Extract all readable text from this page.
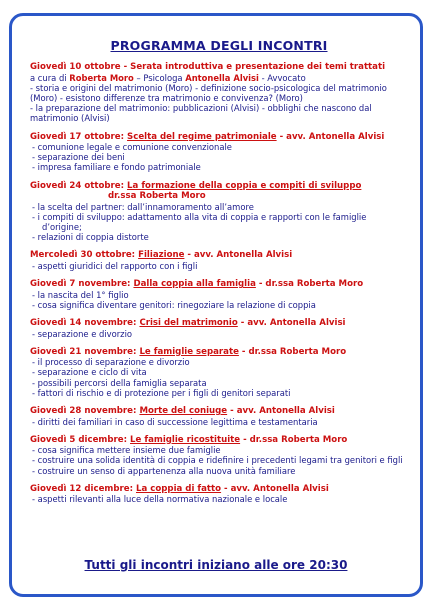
PROGRAMMA DEGLI INCONTRI
Giovedì 10 ottobre - Serata introduttiva e presentazione dei temi trattati
a cura di Roberta Moro – Psicologa Antonella Alvisi - Avvocato
- storia e origini del matrimonio (Moro) - definizione socio-psicologica del matrimonio (Moro) - esistono differenze tra matrimonio e convivenza? (Moro)
- la preparazione del matrimonio: pubblicazioni (Alvisi) - obblighi che nascono dal matrimonio (Alvisi)
Giovedì 17 ottobre: Scelta del regime patrimoniale - avv. Antonella Alvisi
- comunione legale e comunione convenzionale
- separazione dei beni
- impresa familiare e fondo patrimoniale
Giovedì 24 ottobre: La formazione della coppia e compiti di sviluppo
dr.ssa Roberta Moro
- la scelta del partner: dall’innamoramento all’amore
- i compiti di sviluppo: adattamento alla vita di coppia e rapporti con le famiglie d’origine;
- relazioni di coppia distorte
Mercoledì 30 ottobre: Filiazione - avv. Antonella Alvisi
- aspetti giuridici del rapporto con i figli
Giovedì 7 novembre: Dalla coppia alla famiglia - dr.ssa Roberta Moro
- la nascita del 1° figlio
- cosa significa diventare genitori: rinegoziare la relazione di coppia
Giovedì 14 novembre: Crisi del matrimonio - avv. Antonella Alvisi
- separazione e divorzio
Giovedì 21 novembre: Le famiglie separate - dr.ssa Roberta Moro
- il processo di separazione e divorzio
- separazione e ciclo di vita
- possibili percorsi della famiglia separata
- fattori di rischio e di protezione per i figli di genitori separati
Giovedì 28 novembre: Morte del coniuge - avv. Antonella Alvisi
- diritti dei familiari in caso di successione legittima e testamentaria
Giovedì 5 dicembre: Le famiglie ricostituite - dr.ssa Roberta Moro
- cosa significa mettere insieme due famiglie
- costruire una solida identità di coppia e ridefinire i precedenti legami tra genitori e figli
- costruire un senso di appartenenza alla nuova unità familiare
Giovedì 12 dicembre: La coppia di fatto - avv. Antonella Alvisi
- aspetti rilevanti alla luce della normativa nazionale e locale
Tutti gli incontri iniziano alle ore 20:30
